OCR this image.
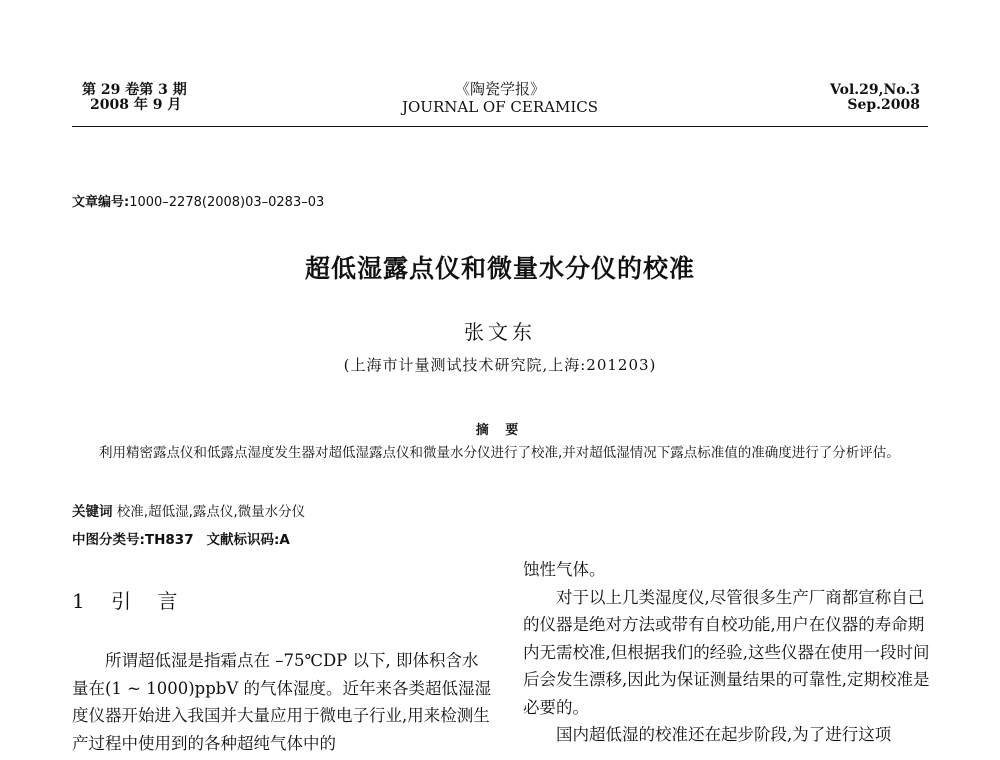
第 29 卷第 3 期
2008 年 9 月
《陶瓷学报》
JOURNAL OF CERAMICS
Vol.29,No.3
Sep.2008
文章编号:1000–2278(2008)03–0283–03
超低湿露点仪和微量水分仪的校准
张文东
(上海市计量测试技术研究院,上海:201203)
摘 要
利用精密露点仪和低露点湿度发生器对超低湿露点仪和微量水分仪进行了校准,并对超低湿情况下露点标准值的准确度进行了分析评估。
关键词 校准,超低湿,露点仪,微量水分仪
中图分类号:TH837 文献标识码:A
1 引 言

所谓超低湿是指霜点在 –75℃DP 以下, 即体积含水量在(1 ~ 1000)ppbV 的气体湿度。近年来各类超低湿湿度仪器开始进入我国并大量应用于微电子行业,用来检测生产过程中使用到的各种超纯气体中的

蚀性气体。

对于以上几类湿度仪,尽管很多生产厂商都宣称自己的仪器是绝对方法或带有自校功能,用户在仪器的寿命期内无需校准,但根据我们的经验,这些仪器在使用一段时间后会发生漂移,因此为保证测量结果的可靠性,定期校准是必要的。

国内超低湿的校准还在起步阶段,为了进行这项
